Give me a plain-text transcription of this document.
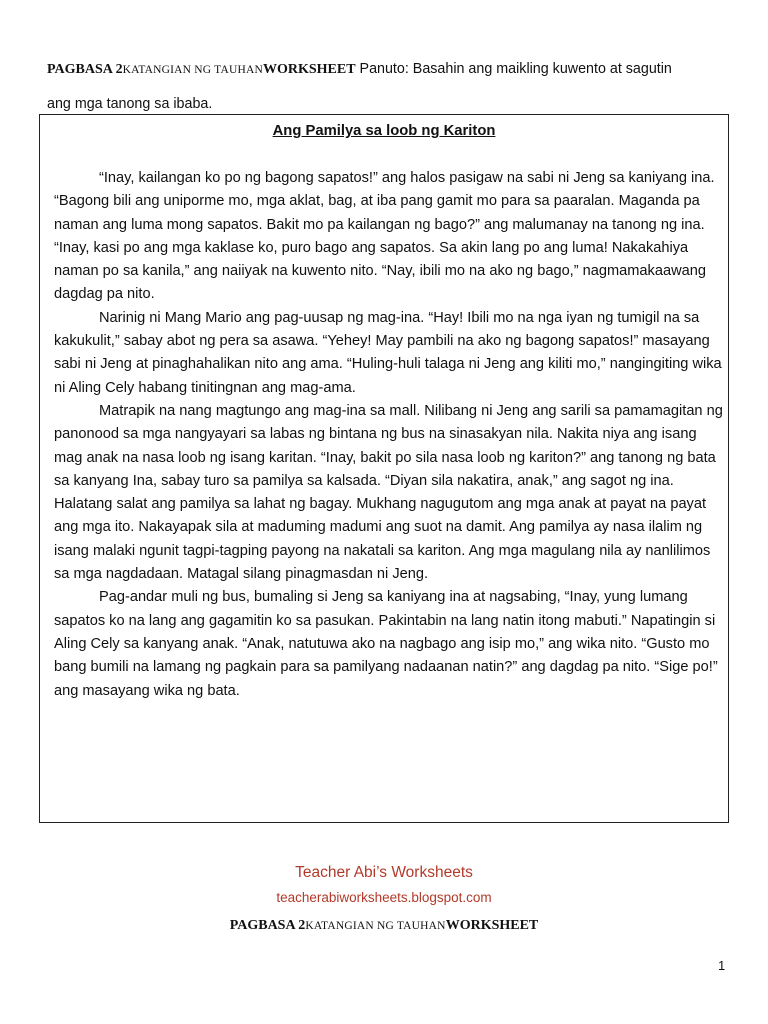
PAGBASA 2KATANGIAN NG TAUHANWORKSHEET Panuto: Basahin ang maikling kuwento at sagutin
ang mga tanong sa ibaba.
Ang Pamilya sa loob ng Kariton

“Inay, kailangan ko po ng bagong sapatos!” ang halos pasigaw na sabi ni Jeng sa kaniyang ina. “Bagong bili ang uniporme mo, mga aklat, bag, at iba pang gamit mo para sa paaralan. Maganda pa naman ang luma mong sapatos. Bakit mo pa kailangan ng bago?” ang malumanay na tanong ng ina. “Inay, kasi po ang mga kaklase ko, puro bago ang sapatos. Sa akin lang po ang luma! Nakakahiya naman po sa kanila,” ang naiiyak na kuwento nito. “Nay, ibili mo na ako ng bago,” nagmamakaawang dagdag pa nito.

Narinig ni Mang Mario ang pag-uusap ng mag-ina. “Hay! Ibili mo na nga iyan ng tumigil na sa kakukulit,” sabay abot ng pera sa asawa. “Yehey! May pambili na ako ng bagong sapatos!” masayang sabi ni Jeng at pinaghahalikan nito ang ama. “Huling-huli talaga ni Jeng ang kiliti mo,” nangingiting wika ni Aling Cely habang tinitingnan ang mag-ama.

Matrapik na nang magtungo ang mag-ina sa mall. Nilibang ni Jeng ang sarili sa pamamagitan ng panonood sa mga nangyayari sa labas ng bintana ng bus na sinasakyan nila. Nakita niya ang isang mag anak na nasa loob ng isang karitan. “Inay, bakit po sila nasa loob ng kariton?” ang tanong ng bata sa kanyang Ina, sabay turo sa pamilya sa kalsada. “Diyan sila nakatira, anak,” ang sagot ng ina. Halatang salat ang pamilya sa lahat ng bagay. Mukhang nagugutom ang mga anak at payat na payat ang mga ito. Nakayapak sila at maduming madumi ang suot na damit. Ang pamilya ay nasa ilalim ng isang malaki ngunit tagpi-tagping payong na nakatali sa kariton. Ang mga magulang nila ay nanlilimos sa mga nagdadaan. Matagal silang pinagmasdan ni Jeng.

Pag-andar muli ng bus, bumaling si Jeng sa kaniyang ina at nagsabing, “Inay, yung lumang sapatos ko na lang ang gagamitin ko sa pasukan. Pakintabin na lang natin itong mabuti.” Napatingin si Aling Cely sa kanyang anak. “Anak, natutuwa ako na nagbago ang isip mo,” ang wika nito. “Gusto mo bang bumili na lamang ng pagkain para sa pamilyang nadaanan natin?” ang dagdag pa nito. “Sige po!” ang masayang wika ng bata.

Teacher Abi’s Worksheets
teacherabiworksheets.blogspot.com
PAGBASA 2KATANGIAN NG TAUHANWORKSHEET
1
